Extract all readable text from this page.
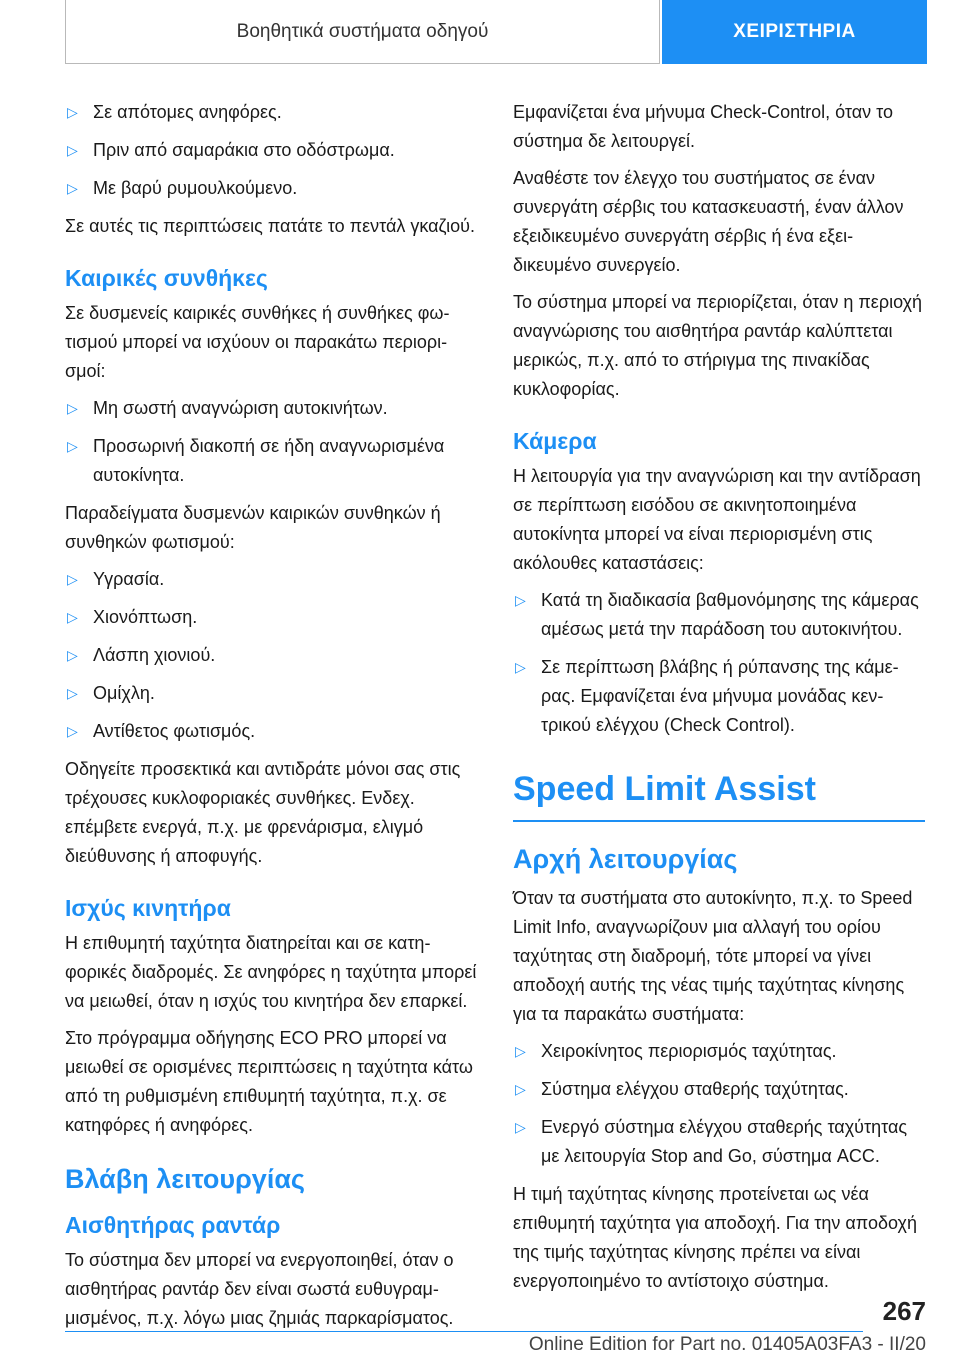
Βοηθητικά συστήματα οδηγού	ΧΕΙΡΙΣΤΗΡΙΑ
▷ Σε απότομες ανηφόρες.
▷ Πριν από σαμαράκια στο οδόστρωμα.
▷ Με βαρύ ρυμουλκούμενο.

Σε αυτές τις περιπτώσεις πατάτε το πεντάλ γκαζιού.

Καιρικές συνθήκες

Σε δυσμενείς καιρικές συνθήκες ή συνθήκες φωτισμού μπορεί να ισχύουν οι παρακάτω περιορισμοί:

▷ Μη σωστή αναγνώριση αυτοκινήτων.
▷ Προσωρινή διακοπή σε ήδη αναγνωρισμένα αυτοκίνητα.

Παραδείγματα δυσμενών καιρικών συνθηκών ή συνθηκών φωτισμού:

▷ Υγρασία.
▷ Χιονόπτωση.
▷ Λάσπη χιονιού.
▷ Ομίχλη.
▷ Αντίθετος φωτισμός.

Οδηγείτε προσεκτικά και αντιδράτε μόνοι σας στις τρέχουσες κυκλοφοριακές συνθήκες. Ενδεχ. επέμβετε ενεργά, π.χ. με φρενάρισμα, ελιγμό διεύθυνσης ή αποφυγής.

Ισχύς κινητήρα

Η επιθυμητή ταχύτητα διατηρείται και σε κατηφορικές διαδρομές. Σε ανηφόρες η ταχύτητα μπορεί να μειωθεί, όταν η ισχύς του κινητήρα δεν επαρκεί.

Στο πρόγραμμα οδήγησης ECO PRO μπορεί να μειωθεί σε ορισμένες περιπτώσεις η ταχύτητα κάτω από τη ρυθμισμένη επιθυμητή ταχύτητα, π.χ. σε κατηφόρες ή ανηφόρες.

Βλάβη λειτουργίας
Αισθητήρας ραντάρ

Το σύστημα δεν μπορεί να ενεργοποιηθεί, όταν ο αισθητήρας ραντάρ δεν είναι σωστά ευθυγραμμισμένος, π.χ. λόγω μιας ζημιάς παρκαρίσματος.

Εμφανίζεται ένα μήνυμα Check-Control, όταν το σύστημα δε λειτουργεί.

Αναθέστε τον έλεγχο του συστήματος σε έναν συνεργάτη σέρβις του κατασκευαστή, έναν άλλον εξειδικευμένο συνεργάτη σέρβις ή ένα εξειδικευμένο συνεργείο.

Το σύστημα μπορεί να περιορίζεται, όταν η περιοχή αναγνώρισης του αισθητήρα ραντάρ καλύπτεται μερικώς, π.χ. από το στήριγμα της πινακίδας κυκλοφορίας.

Κάμερα

Η λειτουργία για την αναγνώριση και την αντίδραση σε περίπτωση εισόδου σε ακινητοποιημένα αυτοκίνητα μπορεί να είναι περιορισμένη στις ακόλουθες καταστάσεις:

▷ Κατά τη διαδικασία βαθμονόμησης της κάμερας αμέσως μετά την παράδοση του αυτοκινήτου.
▷ Σε περίπτωση βλάβης ή ρύπανσης της κάμερας. Εμφανίζεται ένα μήνυμα μονάδας κεντρικού ελέγχου (Check Control).
Speed Limit Assist
Αρχή λειτουργίας

Όταν τα συστήματα στο αυτοκίνητο, π.χ. το Speed Limit Info, αναγνωρίζουν μια αλλαγή του ορίου ταχύτητας στη διαδρομή, τότε μπορεί να γίνει αποδοχή αυτής της νέας τιμής ταχύτητας κίνησης για τα παρακάτω συστήματα:

▷ Χειροκίνητος περιορισμός ταχύτητας.
▷ Σύστημα ελέγχου σταθερής ταχύτητας.
▷ Ενεργό σύστημα ελέγχου σταθερής ταχύτητας με λειτουργία Stop and Go, σύστημα ACC.

Η τιμή ταχύτητας κίνησης προτείνεται ως νέα επιθυμητή ταχύτητα για αποδοχή. Για την αποδοχή της τιμής ταχύτητας κίνησης πρέπει να είναι ενεργοποιημένο το αντίστοιχο σύστημα.

267
Online Edition for Part no. 01405A03FA3 - II/20
